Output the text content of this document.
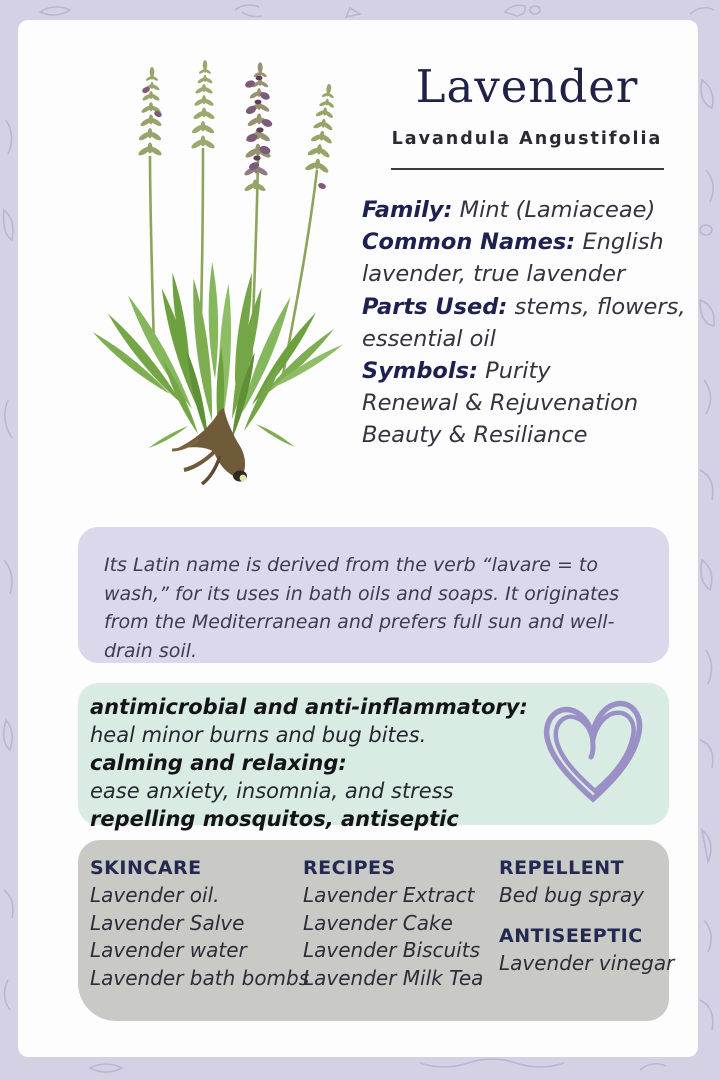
Lavender
Lavandula Angustifolia
Family: Mint (Lamiaceae)
Common Names: English lavender, true lavender
Parts Used: stems, flowers, essential oil
Symbols: Purity
Renewal & Rejuvenation
Beauty & Resiliance

Its Latin name is derived from the verb “lavare = to wash,” for its uses in bath oils and soaps. It originates from the Mediterranean and prefers full sun and well-drain soil.

antimicrobial and anti-inflammatory:
heal minor burns and bug bites.
calming and relaxing:
ease anxiety, insomnia, and stress
repelling mosquitos, antiseptic
SKINCARE
Lavender oil.
Lavender Salve
Lavender water
Lavender bath bombs
RECIPES
Lavender Extract
Lavender Cake
Lavender Biscuits
Lavender Milk Tea
REPELLENT
Bed bug spray
ANTISEEPTIC
Lavender vinegar
